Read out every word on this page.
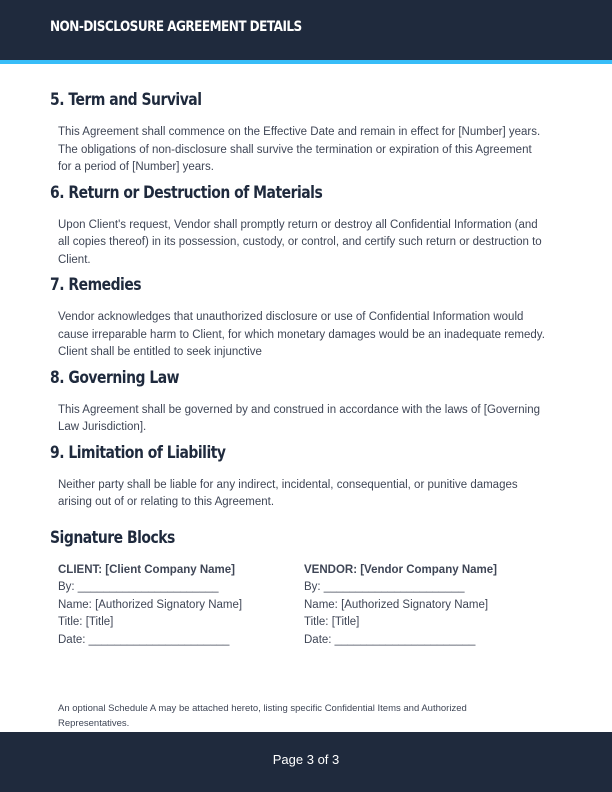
NON-DISCLOSURE AGREEMENT DETAILS
5. Term and Survival

This Agreement shall commence on the Effective Date and remain in effect for [Number] years. The obligations of non-disclosure shall survive the termination or expiration of this Agreement for a period of [Number] years.

6. Return or Destruction of Materials

Upon Client's request, Vendor shall promptly return or destroy all Confidential Information (and all copies thereof) in its possession, custody, or control, and certify such return or destruction to Client.

7. Remedies

Vendor acknowledges that unauthorized disclosure or use of Confidential Information would cause irreparable harm to Client, for which monetary damages would be an inadequate remedy. Client shall be entitled to seek injunctive

8. Governing Law

This Agreement shall be governed by and construed in accordance with the laws of [Governing Law Jurisdiction].

9. Limitation of Liability

Neither party shall be liable for any indirect, incidental, consequential, or punitive damages arising out of or relating to this Agreement.

Signature Blocks
CLIENT: [Client Company Name]
By: ______________________
Name: [Authorized Signatory Name]
Title: [Title]
Date: ______________________
VENDOR: [Vendor Company Name]
By: ______________________
Name: [Authorized Signatory Name]
Title: [Title]
Date: ______________________
An optional Schedule A may be attached hereto, listing specific Confidential Items and Authorized Representatives.
Page 3 of 3
